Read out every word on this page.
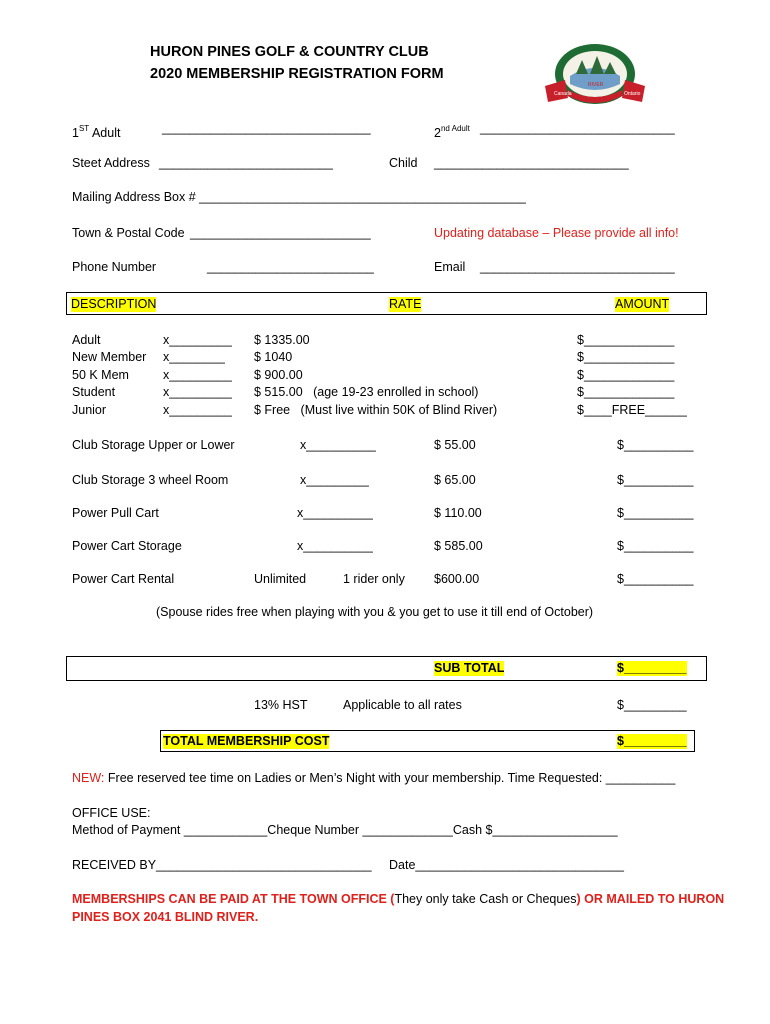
HURON PINES GOLF & COUNTRY CLUB
2020 MEMBERSHIP REGISTRATION FORM
Canada	Ontario
RIVER
1ST Adult	______________________________	$2^{nd Adult}$ ____________________________
Steet Address _________________________	Child ____________________________
Mailing Address Box # _______________________________________________
Town & Postal Code __________________________	Updating database – Please provide all info!
Phone Number	________________________	Email ____________________________
DESCRIPTION	RATE	AMOUNT
Adult	x_________ $ 1335.00	$_____________
New Member x________ $ 1040	$_____________
50 K Mem	x_________ $ 900.00	$_____________
Student	x_________ $ 515.00   (age 19-23 enrolled in school)	$_____________
Junior	x_________ $ Free   (Must live within 50K of Blind River)	$____FREE______
Club Storage Upper or Lower	x__________	$ 55.00	$__________
Club Storage 3 wheel Room	x_________	$ 65.00	$__________
Power Pull Cart	x__________	$ 110.00	$__________
Power Cart Storage	x__________	$ 585.00	$__________
Power Cart Rental	Unlimited	1 rider only $600.00	$__________
(Spouse rides free when playing with you & you get to use it till end of October)
SUB TOTAL	$_________
13% HST	Applicable to all rates	$_________
TOTAL MEMBERSHIP COST	$_________
NEW: Free reserved tee time on Ladies or Men’s Night with your membership. Time Requested: __________
OFFICE USE:
Method of Payment ____________Cheque Number _____________Cash $__________________
RECEIVED BY_______________________________ Date______________________________
MEMBERSHIPS CAN BE PAID AT THE TOWN OFFICE (They only take Cash or Cheques) OR MAILED TO HURON
PINES BOX 2041 BLIND RIVER.
